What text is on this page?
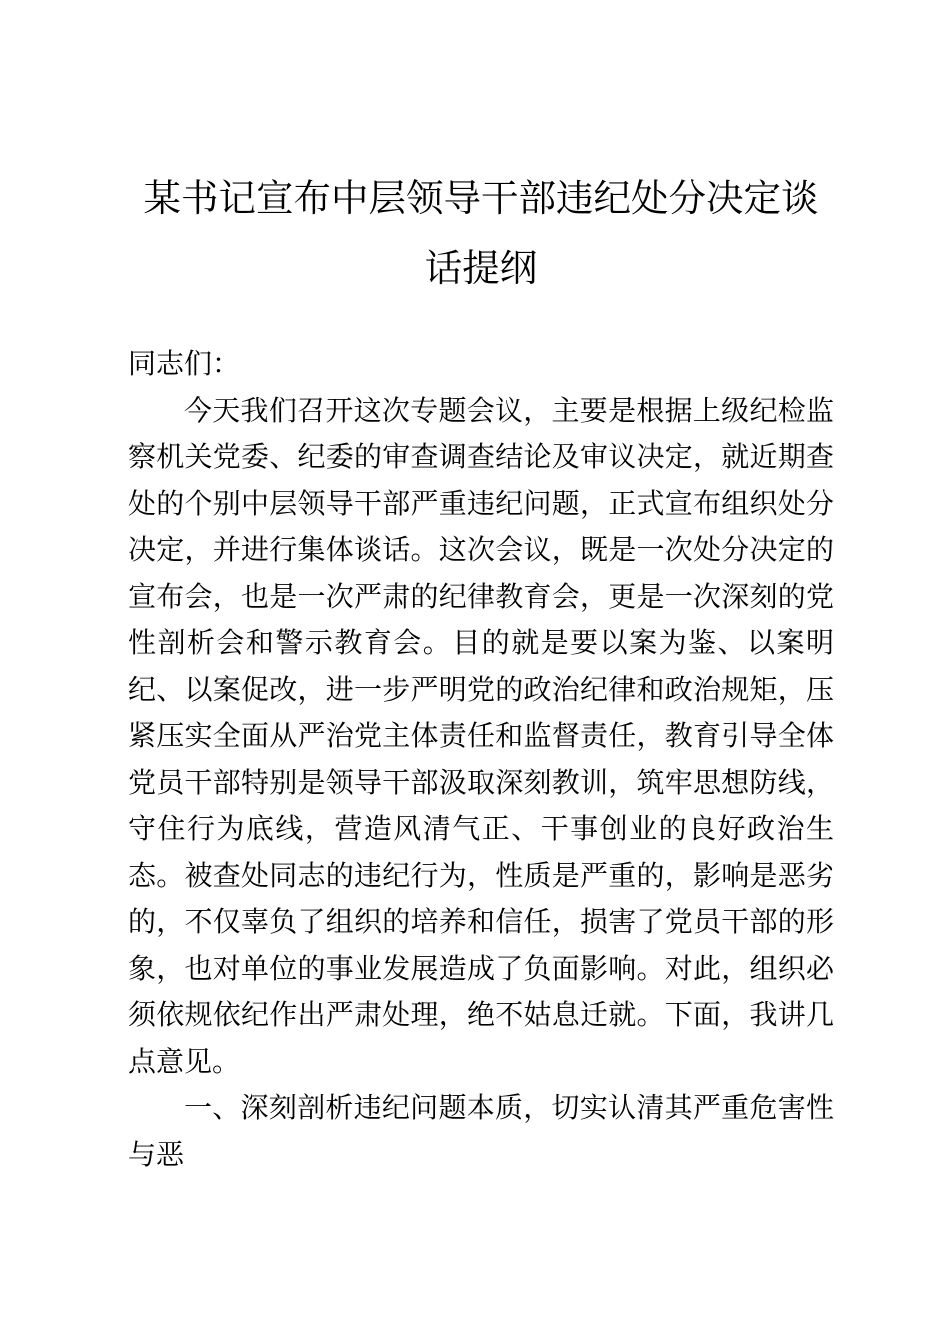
某书记宣布中层领导干部违纪处分决定谈话提纲

同志们：

今天我们召开这次专题会议，主要是根据上级纪检监察机关党委、纪委的审查调查结论及审议决定，就近期查处的个别中层领导干部严重违纪问题，正式宣布组织处分决定，并进行集体谈话。这次会议，既是一次处分决定的宣布会，也是一次严肃的纪律教育会，更是一次深刻的党性剖析会和警示教育会。目的就是要以案为鉴、以案明纪、以案促改，进一步严明党的政治纪律和政治规矩，压紧压实全面从严治党主体责任和监督责任，教育引导全体党员干部特别是领导干部汲取深刻教训，筑牢思想防线，守住行为底线，营造风清气正、干事创业的良好政治生态。被查处同志的违纪行为，性质是严重的，影响是恶劣的，不仅辜负了组织的培养和信任，损害了党员干部的形象，也对单位的事业发展造成了负面影响。对此，组织必须依规依纪作出严肃处理，绝不姑息迁就。下面，我讲几点意见。

一、深刻剖析违纪问题本质，切实认清其严重危害性与恶
